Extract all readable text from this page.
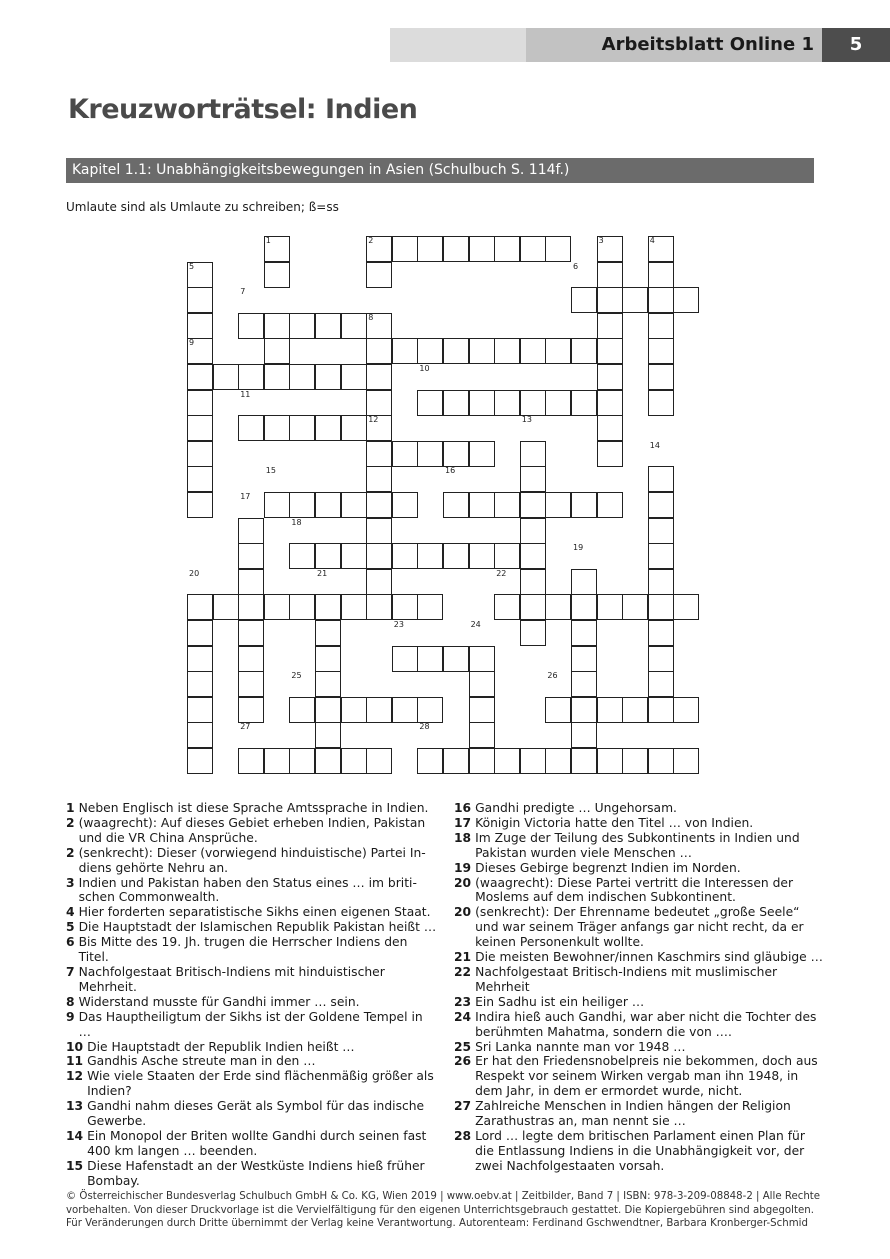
Arbeitsblatt Online 1	5
Kreuzworträtsel: Indien
Kapitel 1.1: Unabhängigkeitsbewegungen in Asien (Schulbuch S. 114f.)
Umlaute sind als Umlaute zu schreiben; ß=ss
1	2	3	4
5	6
7
8
9
10
11
12	13
14
15	16
17
18
19
20	21	22
23	24
25	26
27	28
1 Neben Englisch ist diese Sprache Amtssprache in Indien.
2 (waagrecht): Auf dieses Gebiet erheben Indien, Pakistan und die VR China Ansprüche.
2 (senkrecht): Dieser (vorwiegend hinduistische) Partei Indiens gehörte Nehru an.
3 Indien und Pakistan haben den Status eines … im britischen Commonwealth.
4 Hier forderten separatistische Sikhs einen eigenen Staat.
5 Die Hauptstadt der Islamischen Republik Pakistan heißt …
6 Bis Mitte des 19. Jh. trugen die Herrscher Indiens den Titel.
7 Nachfolgestaat Britisch-Indiens mit hinduistischer Mehrheit.
8 Widerstand musste für Gandhi immer … sein.
9 Das Hauptheiligtum der Sikhs ist der Goldene Tempel in …
10 Die Hauptstadt der Republik Indien heißt …
11 Gandhis Asche streute man in den …
12 Wie viele Staaten der Erde sind flächenmäßig größer als Indien?
13 Gandhi nahm dieses Gerät als Symbol für das indische Gewerbe.
14 Ein Monopol der Briten wollte Gandhi durch seinen fast 400 km langen … beenden.
15 Diese Hafenstadt an der Westküste Indiens hieß früher Bombay.
16 Gandhi predigte … Ungehorsam.
17 Königin Victoria hatte den Titel … von Indien.
18 Im Zuge der Teilung des Subkontinents in Indien und Pakistan wurden viele Menschen …
19 Dieses Gebirge begrenzt Indien im Norden.
20 (waagrecht): Diese Partei vertritt die Interessen der Moslems auf dem indischen Subkontinent.
20 (senkrecht): Der Ehrenname bedeutet „große Seele“ und war seinem Träger anfangs gar nicht recht, da er keinen Personenkult wollte.
21 Die meisten Bewohner/innen Kaschmirs sind gläubige …
22 Nachfolgestaat Britisch-Indiens mit muslimischer Mehrheit
23 Ein Sadhu ist ein heiliger …
24 Indira hieß auch Gandhi, war aber nicht die Tochter des berühmten Mahatma, sondern die von ….
25 Sri Lanka nannte man vor 1948 …
26 Er hat den Friedensnobelpreis nie bekommen, doch aus Respekt vor seinem Wirken vergab man ihn 1948, in dem Jahr, in dem er ermordet wurde, nicht.
27 Zahlreiche Menschen in Indien hängen der Religion Zarathustras an, man nennt sie …
28 Lord … legte dem britischen Parlament einen Plan für die Entlassung Indiens in die Unabhängigkeit vor, der zwei Nachfolgestaaten vorsah.
© Österreichischer Bundesverlag Schulbuch GmbH & Co. KG, Wien 2019 | www.oebv.at | Zeitbilder, Band 7 | ISBN: 978-3-209-08848-2 | Alle Rechte vorbehalten. Von dieser Druckvorlage ist die Vervielfältigung für den eigenen Unterrichtsgebrauch gestattet. Die Kopiergebühren sind abgegolten. Für Veränderungen durch Dritte übernimmt der Verlag keine Verantwortung. Autorenteam: Ferdinand Gschwendtner, Barbara Kronberger-Schmid
